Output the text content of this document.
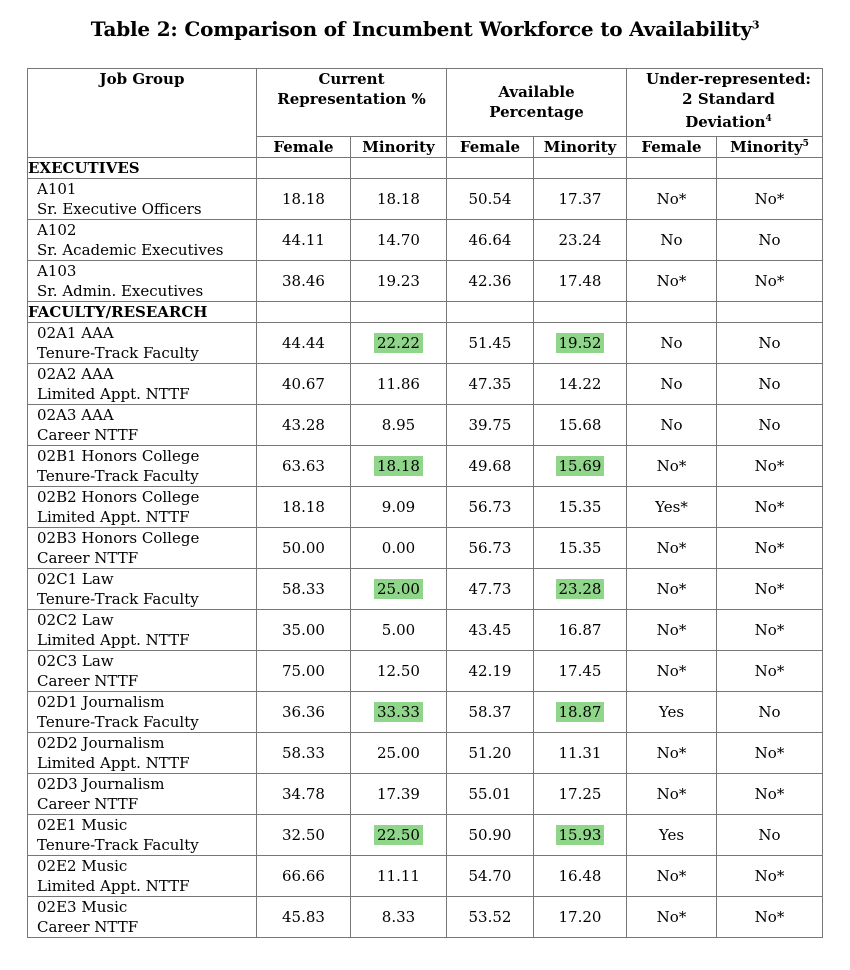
Table 2: Comparison of Incumbent Workforce to Availability$^3$
Job Group	Current Representation %		Available Percentage		Under-represented: 2 Standard Deviation$^4$
	Female	Minority	Female	Minority	Female	Minority$^5$
EXECUTIVES						

A101
Sr. Executive Officers	18.18	18.18	50.54	17.37	No*	No*

A102
Sr. Academic Executives	44.11	14.70	46.64	23.24	No	No

A103
Sr. Admin. Executives	38.46	19.23	42.36	17.48	No*	No*
FACULTY/RESEARCH						

02A1 AAA
Tenure-Track Faculty	44.44	22.22	51.45	19.52	No	No

02A2 AAA
Limited Appt. NTTF	40.67	11.86	47.35	14.22	No	No

02A3 AAA
Career NTTF	43.28	8.95	39.75	15.68	No	No

02B1 Honors College
Tenure-Track Faculty	63.63	18.18	49.68	15.69	No*	No*

02B2 Honors College
Limited Appt. NTTF	18.18	9.09	56.73	15.35	Yes*	No*

02B3 Honors College
Career NTTF	50.00	0.00	56.73	15.35	No*	No*

02C1 Law
Tenure-Track Faculty	58.33	25.00	47.73	23.28	No*	No*

02C2 Law
Limited Appt. NTTF	35.00	5.00	43.45	16.87	No*	No*

02C3 Law
Career NTTF	75.00	12.50	42.19	17.45	No*	No*

02D1 Journalism
Tenure-Track Faculty	36.36	33.33	58.37	18.87	Yes	No

02D2 Journalism
Limited Appt. NTTF	58.33	25.00	51.20	11.31	No*	No*

02D3 Journalism
Career NTTF	34.78	17.39	55.01	17.25	No*	No*

02E1 Music
Tenure-Track Faculty	32.50	22.50	50.90	15.93	Yes	No

02E2 Music
Limited Appt. NTTF	66.66	11.11	54.70	16.48	No*	No*

02E3 Music
Career NTTF	45.83	8.33	53.52	17.20	No*	No*
